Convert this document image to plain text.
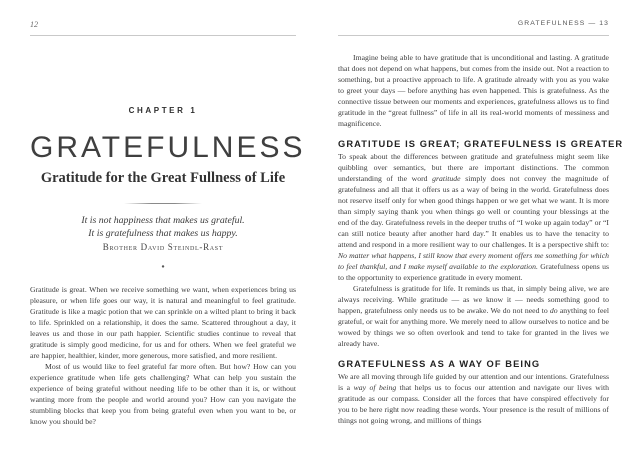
12
CHAPTER 1
GRATEFULNESS
Gratitude for the Great Fullness of Life
It is not happiness that makes us grateful.
It is gratefulness that makes us happy.
Brother David Steindl-Rast
●

Gratitude is great. When we receive something we want, when experiences bring us pleasure, or when life goes our way, it is natural and meaningful to feel gratitude. Gratitude is like a magic potion that we can sprinkle on a wilted plant to bring it back to life. Sprinkled on a relationship, it does the same. Scattered throughout a day, it leaves us and those in our path happier. Scientific studies continue to reveal that gratitude is simply good medicine, for us and for others. When we feel grateful we are happier, healthier, kinder, more generous, more satisfied, and more resilient.

Most of us would like to feel grateful far more often. But how? How can you experience gratitude when life gets challenging? What can help you sustain the experience of being grateful without needing life to be other than it is, or without wanting more from the people and world around you? How can you navigate the stumbling blocks that keep you from being grateful even when you want to be, or know you should be?

GRATEFULNESS — 13

Imagine being able to have gratitude that is unconditional and lasting. A gratitude that does not depend on what happens, but comes from the inside out. Not a reaction to something, but a proactive approach to life. A gratitude already with you as you wake to greet your days — before anything has even happened. This is gratefulness. As the connective tissue between our moments and experiences, gratefulness allows us to find gratitude in the “great fullness” of life in all its real-world moments of messiness and magnificence.

GRATITUDE IS GREAT; GRATEFULNESS IS GREATER

To speak about the differences between gratitude and gratefulness might seem like quibbling over semantics, but there are important distinctions. The common understanding of the word gratitude simply does not convey the magnitude of gratefulness and all that it offers us as a way of being in the world. Gratefulness does not reserve itself only for when good things happen or we get what we want. It is more than simply saying thank you when things go well or counting your blessings at the end of the day. Gratefulness revels in the deeper truths of “I woke up again today” or “I can still notice beauty after another hard day.” It enables us to have the tenacity to attend and respond in a more resilient way to our challenges. It is a perspective shift to: No matter what happens, I still know that every moment offers me something for which to feel thankful, and I make myself available to the exploration. Gratefulness opens us to the opportunity to experience gratitude in every moment.

Gratefulness is gratitude for life. It reminds us that, in simply being alive, we are always receiving. While gratitude — as we know it — needs something good to happen, gratefulness only needs us to be awake. We do not need to do anything to feel grateful, or wait for anything more. We merely need to allow ourselves to notice and be wowed by things we so often overlook and tend to take for granted in the lives we already have.

GRATEFULNESS AS A WAY OF BEING

We are all moving through life guided by our attention and our intentions. Gratefulness is a way of being that helps us to focus our attention and navigate our lives with gratitude as our compass. Consider all the forces that have conspired effectively for you to be here right now reading these words. Your presence is the result of millions of things not going wrong, and millions of things
